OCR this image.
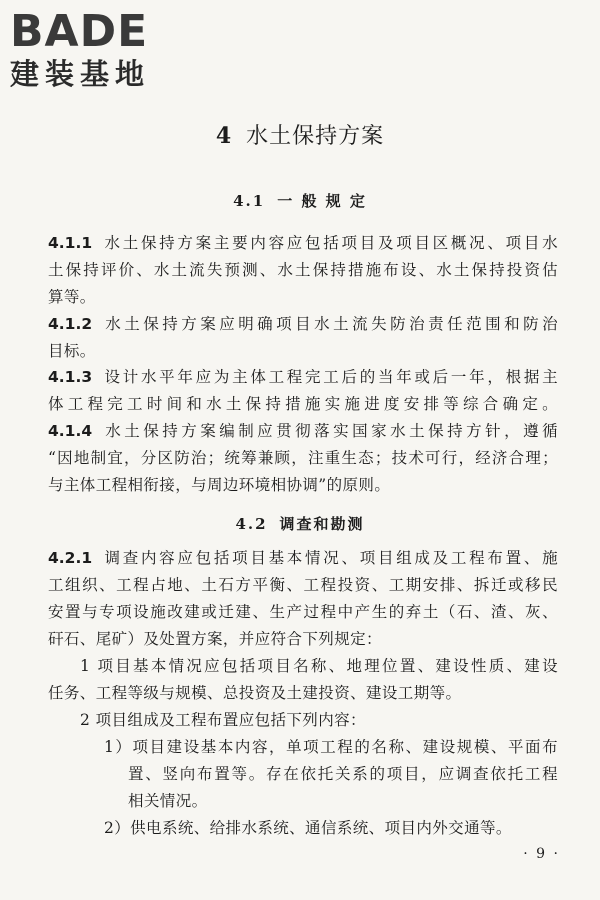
BADE
建装基地
4 水土保持方案
4.1 一 般 规 定
4.1.1 水土保持方案主要内容应包括项目及项目区概况、项目水
土保持评价、水土流失预测、水土保持措施布设、水土保持投资估
算等。
4.1.2 水土保持方案应明确项目水土流失防治责任范围和防治
目标。
4.1.3 设计水平年应为主体工程完工后的当年或后一年，根据主
体工程完工时间和水土保持措施实施进度安排等综合确定。
4.1.4 水土保持方案编制应贯彻落实国家水土保持方针，遵循
“因地制宜，分区防治；统筹兼顾，注重生态；技术可行，经济合理；
与主体工程相衔接，与周边环境相协调”的原则。
4.2 调查和勘测
4.2.1 调查内容应包括项目基本情况、项目组成及工程布置、施
工组织、工程占地、土石方平衡、工程投资、工期安排、拆迁或移民
安置与专项设施改建或迁建、生产过程中产生的弃土（石、渣、灰、
矸石、尾矿）及处置方案，并应符合下列规定：
1 项目基本情况应包括项目名称、地理位置、建设性质、建设
任务、工程等级与规模、总投资及土建投资、建设工期等。
2 项目组成及工程布置应包括下列内容：
1）项目建设基本内容，单项工程的名称、建设规模、平面布
置、竖向布置等。存在依托关系的项目，应调查依托工程
相关情况。
2）供电系统、给排水系统、通信系统、项目内外交通等。
· 9 ·
